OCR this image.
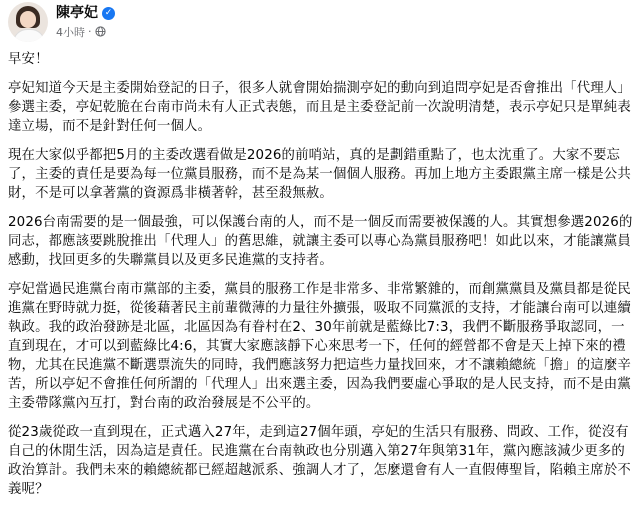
陳亭妃 ✓
4小時 ·

早安！

亭妃知道今天是主委開始登記的日子，很多人就會開始揣測亭妃的動向到追問亭妃是否會推出「代理人」參選主委，亭妃乾脆在台南市尚未有人正式表態，而且是主委登記前一次說明清楚，表示亭妃只是單純表達立場，而不是針對任何一個人。

現在大家似乎都把5月的主委改選看做是2026的前哨站，真的是劃錯重點了，也太沈重了。大家不要忘了，主委的責任是要為每一位黨員服務，而不是為某一個個人服務。再加上地方主委跟黨主席一樣是公共財，不是可以拿著黨的資源爲非橫著幹，甚至殺無赦。

2026台南需要的是一個最強，可以保護台南的人，而不是一個反而需要被保護的人。其實想參選2026的同志，都應該要跳脫推出「代理人」的舊思維，就讓主委可以專心為黨員服務吧！如此以來，才能讓黨員感動，找回更多的失聯黨員以及更多民進黨的支持者。

亭妃當過民進黨台南市黨部的主委，黨員的服務工作是非常多、非常繁雜的，而創黨黨員及黨員都是從民進黨在野時就力挺，從後藉著民主前輩微薄的力量往外擴張，吸取不同黨派的支持，才能讓台南可以連續執政。我的政治發跡是北區，北區因為有眷村在2、30年前就是藍綠比7:3，我們不斷服務爭取認同，一直到現在，才可以到藍綠比4:6，其實大家應該靜下心來思考一下，任何的經營都不會是天上掉下來的禮物，尤其在民進黨不斷選票流失的同時，我們應該努力把這些力量找回來，才不讓賴總統「擔」的這麼辛苦，所以亭妃不會推任何所謂的「代理人」出來選主委，因為我們要虛心爭取的是人民支持，而不是由黨主委帶隊黨內互打，對台南的政治發展是不公平的。

從23歲從政一直到現在，正式邁入27年，走到這27個年頭，亭妃的生活只有服務、問政、工作，從沒有自己的休閒生活，因為這是責任。民進黨在台南執政也分別邁入第27年與第31年，黨內應該減少更多的政治算計。我們未來的賴總統都已經超越派系、強調人才了，怎麼還會有人一直假傳聖旨，陷賴主席於不義呢？
